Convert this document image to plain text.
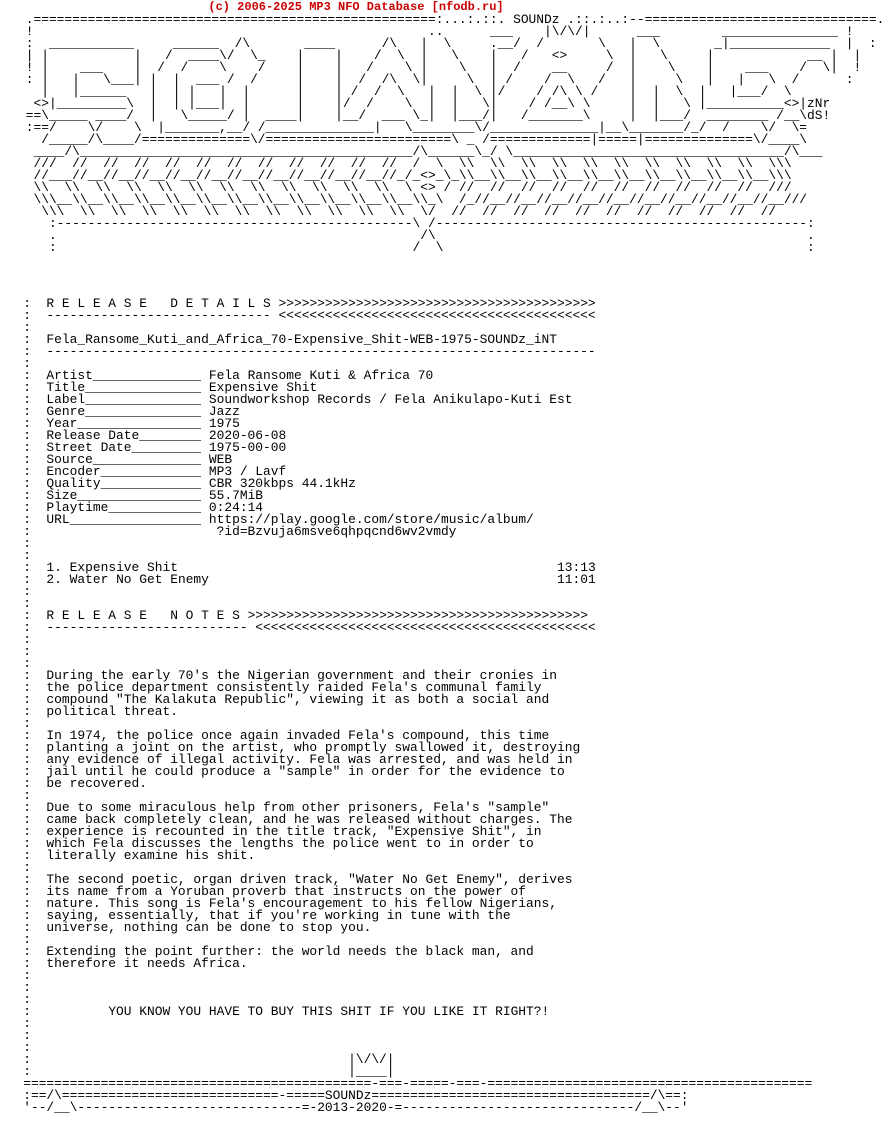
(c) 2006-2025 MP3 NFO Database [nfodb.ru]
.====================================================:...:.::. SOUNDz .::.:..:--==============================.
!                                                   ..      ___    |\/\/|      ___        _______________ !
:  ___________     ______  /\       ____      /\   |  \     .__/  /       \   |  \       _|_____________  |  :
| |           |   /  ____\/  \_    |    |    /  \  |   \    |   /   <>     \  |   \     |            __ |  |
! |    ___    |  /  /    \    /    |    |   /    \ |    \   |  /    __     /  |    \    |    ___    /  \|  !
: |   |   \___| |  |  ___ /  /     |    |  /  /\  \|     \  | /    /  \   /   |     \   |   |   \  /      :
|   |______   |  | |   |  |      |    | /  /  \   |  |  \ |/    / /\ \ /    |  |  \  |   |___/  \
<>|_________\  |  | |___|  |      |    |/  /    \  |  |   \|    / /__\ \     |  |   \ |__________<>|zNr
==\_____ ____/  |   \_____/ |  ____|    |__/  ___ \_|  |___/|   /_______\     |  |___/  ________ /__\dS!
:==/    \/    \  |_______,__/ /______________|   \________\/______________|__\_______/_/  /    \/  \=
/_____/\____/==============\/========================\ _ /=============|=====|==============\/____\
____/\___________________________________________/\______\_/ \___________________________________/\___
///  //  //  //  //  //  //  //  //  //  //  //  /  \  \\  \\  \\  \\  \\  \\  \\  \\  \\  \\  \\\
//___//__//__//__//__//__//__//__//__//__//__//_/_<>_\_\\__\\__\\__\\__\\__\\__\\__\\__\\__\\__\\\
\\  \\  \\  \\  \\  \\  \\  \\  \\  \\  \\  \\  \ <> / //  //  //  //  //  //  //  //  //  //  ///
\\\__\\__\\__\\__\\__\\__\\__\\__\\__\\__\\__\\__\\_\  /_//__//__//__//__//__//__//__//__//__//__///
\\\  \\  \\  \\  \\  \\  \\  \\  \\  \\  \\  \\  \/  //  //  //  //  //  //  //  //  //  //  //
:----------------------------------------------\ /------------------------------------------------:
.                                               /\                                                .
:                                              /  \                                               :
:  R E L E A S E   D E T A I L S >>>>>>>>>>>>>>>>>>>>>>>>>>>>>>>>>>>>>>>>>
:  ----------------------------- <<<<<<<<<<<<<<<<<<<<<<<<<<<<<<<<<<<<<<<<<
:
:  Fela_Ransome_Kuti_and_Africa_70-Expensive_Shit-WEB-1975-SOUNDz_iNT
:  -----------------------------------------------------------------------
:
:  Artist______________ Fela Ransome Kuti & Africa 70
:  Title_______________ Expensive Shit
:  Label_______________ Soundworkshop Records / Fela Anikulapo-Kuti Est
:  Genre_______________ Jazz
:  Year________________ 1975
:  Release Date________ 2020-06-08
:  Street Date_________ 1975-00-00
:  Source______________ WEB
:  Encoder_____________ MP3 / Lavf
:  Quality_____________ CBR 320kbps 44.1kHz
:  Size________________ 55.7MiB
:  Playtime____________ 0:24:14
:  URL_________________ https://play.google.com/store/music/album/
:	?id=Bzvuja6msve6qhpqcnd6wv2vmdy
:
:
:  1. Expensive Shit	13:13
:  2. Water No Get Enemy	11:01
:
:
:  R E L E A S E   N O T E S >>>>>>>>>>>>>>>>>>>>>>>>>>>>>>>>>>>>>>>>>>>>
:  -------------------------- <<<<<<<<<<<<<<<<<<<<<<<<<<<<<<<<<<<<<<<<<<<<
:
:
:
:  During the early 70's the Nigerian government and their cronies in
:  the police department consistently raided Fela's communal family
:  compound "The Kalakuta Republic", viewing it as both a social and
:  political threat.
:
:  In 1974, the police once again invaded Fela's compound, this time
:  planting a joint on the artist, who promptly swallowed it, destroying
:  any evidence of illegal activity. Fela was arrested, and was held in
:  jail until he could produce a "sample" in order for the evidence to
:  be recovered.
:
:  Due to some miraculous help from other prisoners, Fela's "sample"
:  came back completely clean, and he was released without charges. The
:  experience is recounted in the title track, "Expensive Shit", in
:  which Fela discusses the lengths the police went to in order to
:  literally examine his shit.
:
:  The second poetic, organ driven track, "Water No Get Enemy", derives
:  its name from a Yoruban proverb that instructs on the power of
:  nature. This song is Fela's encouragement to his fellow Nigerians,
:  saying, essentially, that if you're working in tune with the
:  universe, nothing can be done to stop you.
:
:  Extending the point further: the world needs the black man, and
:  therefore it needs Africa.
:
:
:
:	YOU KNOW YOU HAVE TO BUY THIS SHIT IF YOU LIKE IT RIGHT?!
:
:
:
:                                         |\/\/|
:                                         |____|
=============================================-===-=====-===-==========================================
:==/\============================-=====SOUNDz====================================/\==:
'--/__\-----------------------------=-2013-2020-=------------------------------/__\--'
